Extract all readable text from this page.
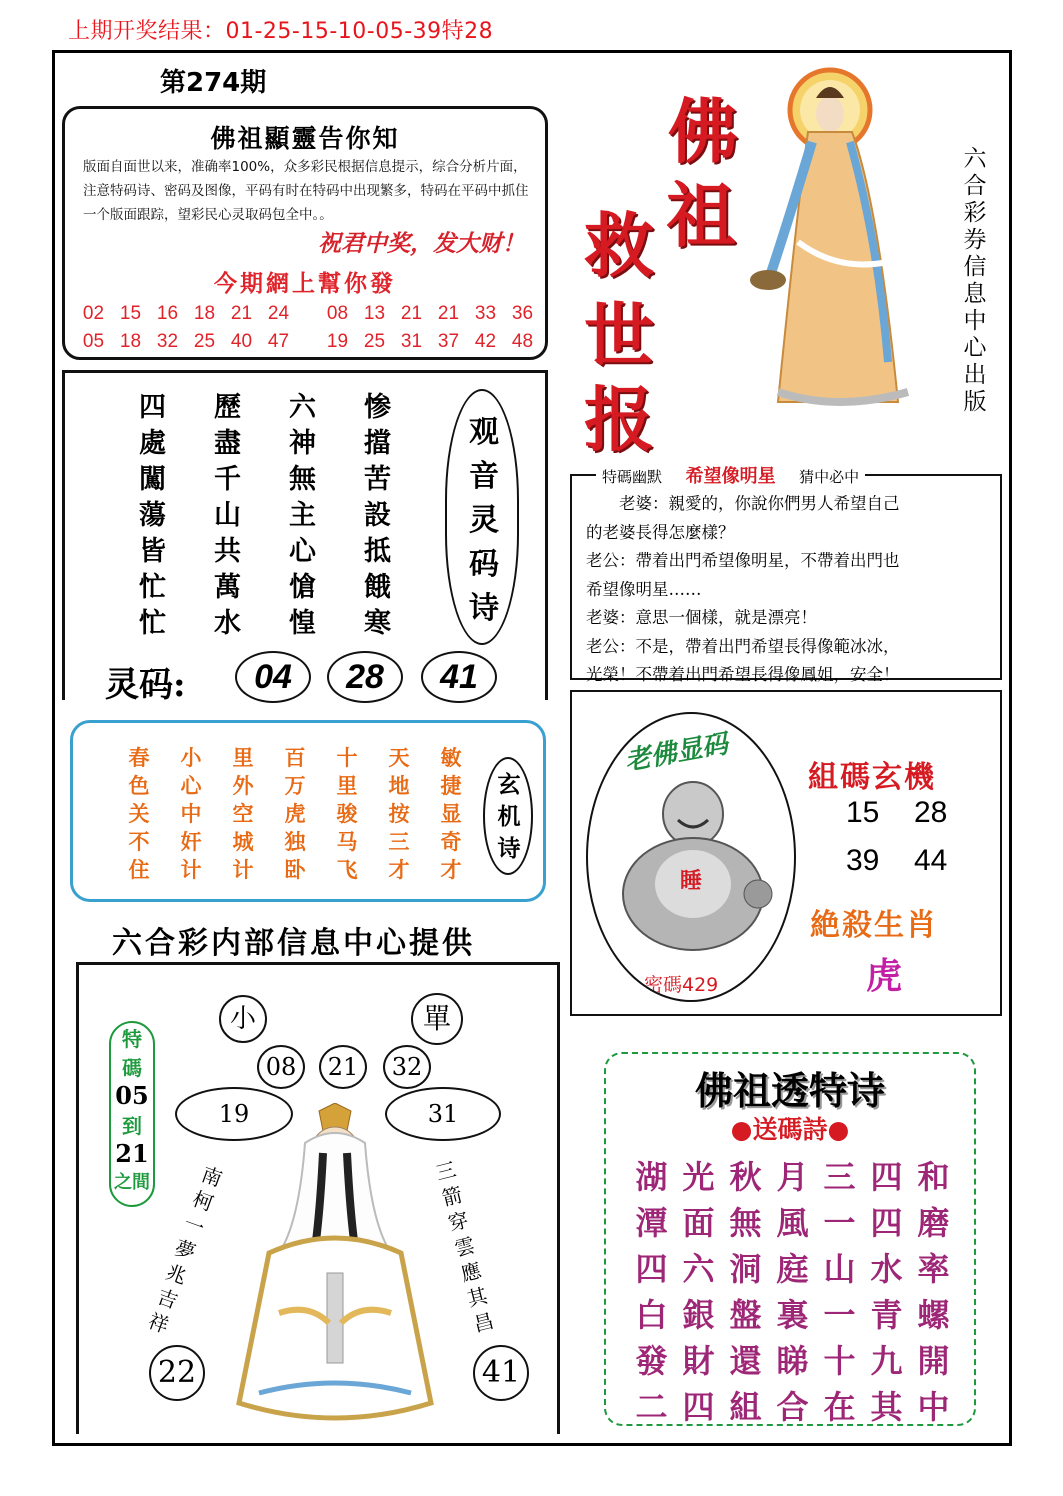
上期开奖结果：01-25-15-10-05-39特28
第274期
佛祖顯靈告你知
版面自面世以来，准确率100%，众多彩民根据信息提示，综合分析片面，注意特码诗、密码及图像，平码有时在特码中出现繁多，特码在平码中抓住一个版面跟踪，望彩民心灵取码包全中。。
祝君中奖，发大财！
今期網上幫你發
02 15 16 18 21 24 08 13 21 21 33 36
05 18 32 25 40 47 19 25 31 37 42 48
四	歷	六	惨
處	盡	神	擋
闖	千	無	苦
蕩	山	主	設
皆	共	心	抵
忙	萬	愴	餓
忙	水	惶	寒
观音灵码诗
灵码:	04	28	41
春	小	里	百	十	天	敏
色	心	外	万	里	地	捷
关	中	空	虎	骏	按	显
不	奸	城	独	马	三	奇
住	计	计	卧	飞	才	才
玄机诗
六合彩内部信息中心提供
佛
祖
救
世
报
六合彩券信息中心出版
特碼幽默 希望像明星 猜中必中
　　老婆：親愛的，你說你們男人希望自己
的老婆長得怎麼樣？
老公：帶着出門希望像明星，不帶着出門也
希望像明星……
老婆：意思一個樣，就是漂亮！
老公：不是，帶着出門希望長得像範冰冰，
光榮！不帶着出門希望長得像鳳姐，安全！
老佛显码
睡
密碼429
組碼玄機
15 28
39 44
絶殺生肖
虎
小	單
08	21	32
19	31
22	41
特
碼
05
到
21
之間	南柯一夢兆吉祥
三箭穿雲應其昌
佛祖透特诗
●送碼詩●
湖 光 秋 月 三 四 和
潭 面 無 風 一 四 磨
四 六 洞 庭 山 水 率
白 銀 盤 裏 一 青 螺
發 財 還 睇 十 九 開
二 四 組 合 在 其 中
